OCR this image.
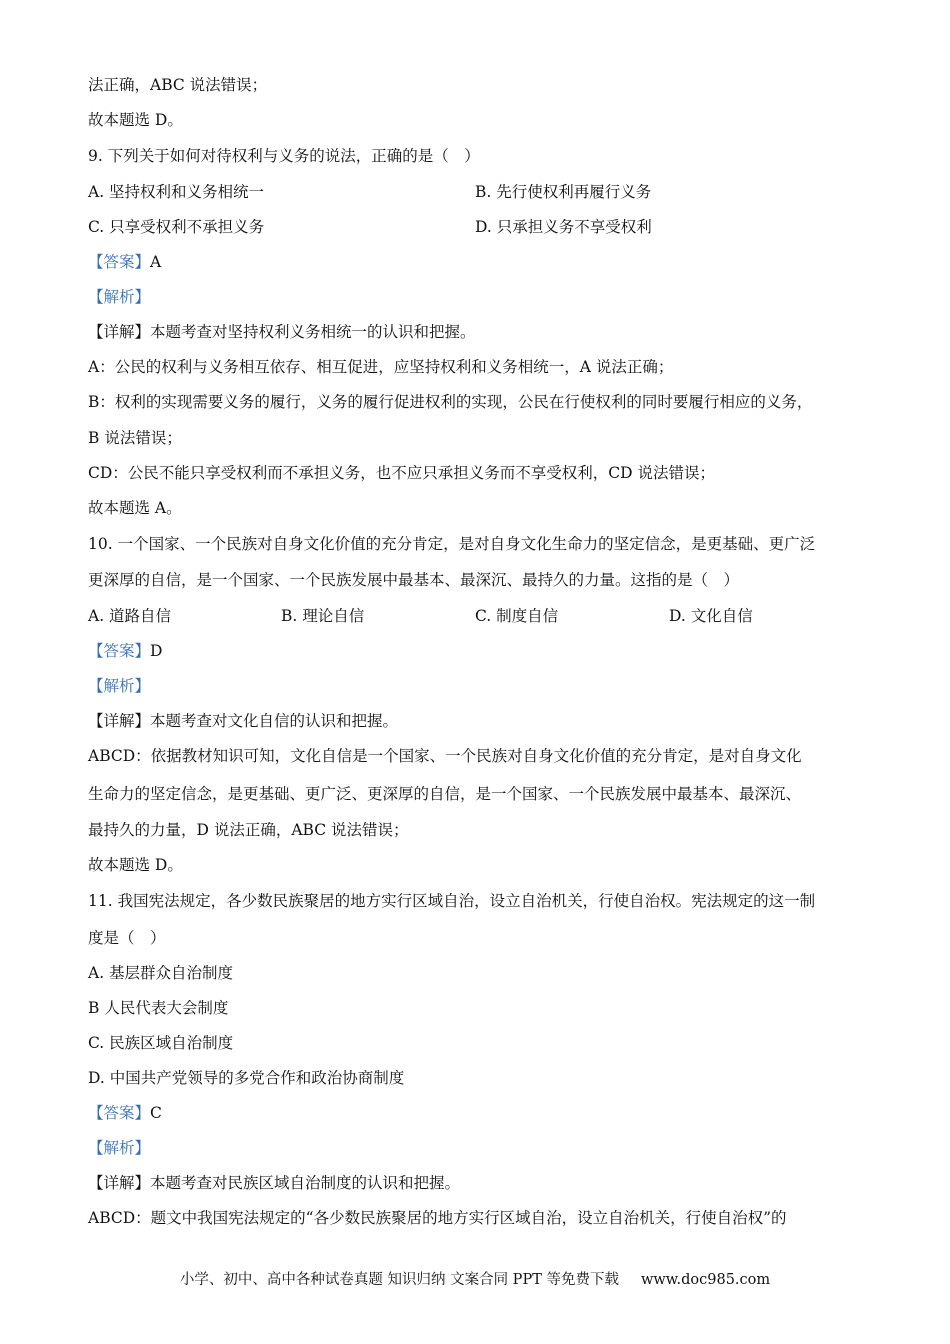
法正确，ABC 说法错误；
故本题选 D。
9. 下列关于如何对待权利与义务的说法，正确的是（　）
A. 坚持权利和义务相统一	B. 先行使权利再履行义务
C. 只享受权利不承担义务	D. 只承担义务不享受权利
【答案】A
【解析】
【详解】本题考查对坚持权利义务相统一的认识和把握。
A：公民的权利与义务相互依存、相互促进，应坚持权利和义务相统一，A 说法正确；
B：权利的实现需要义务的履行，义务的履行促进权利的实现，公民在行使权利的同时要履行相应的义务，
B 说法错误；
CD：公民不能只享受权利而不承担义务，也不应只承担义务而不享受权利，CD 说法错误；
故本题选 A。
10. 一个国家、一个民族对自身文化价值的充分肯定，是对自身文化生命力的坚定信念，是更基础、更广泛
更深厚的自信，是一个国家、一个民族发展中最基本、最深沉、最持久的力量。这指的是（　）
A. 道路自信	B. 理论自信	C. 制度自信	D. 文化自信
【答案】D
【解析】
【详解】本题考查对文化自信的认识和把握。
ABCD：依据教材知识可知，文化自信是一个国家、一个民族对自身文化价值的充分肯定，是对自身文化
生命力的坚定信念，是更基础、更广泛、更深厚的自信，是一个国家、一个民族发展中最基本、最深沉、
最持久的力量，D 说法正确，ABC 说法错误；
故本题选 D。
11. 我国宪法规定，各少数民族聚居的地方实行区域自治，设立自治机关，行使自治权。宪法规定的这一制
度是（　）
A. 基层群众自治制度
B 人民代表大会制度
C. 民族区域自治制度
D. 中国共产党领导的多党合作和政治协商制度
【答案】C
【解析】
【详解】本题考查对民族区域自治制度的认识和把握。
ABCD：题文中我国宪法规定的“各少数民族聚居的地方实行区域自治，设立自治机关，行使自治权”的
小学、初中、高中各种试卷真题 知识归纳 文案合同 PPT 等免费下载 www.doc985.com
